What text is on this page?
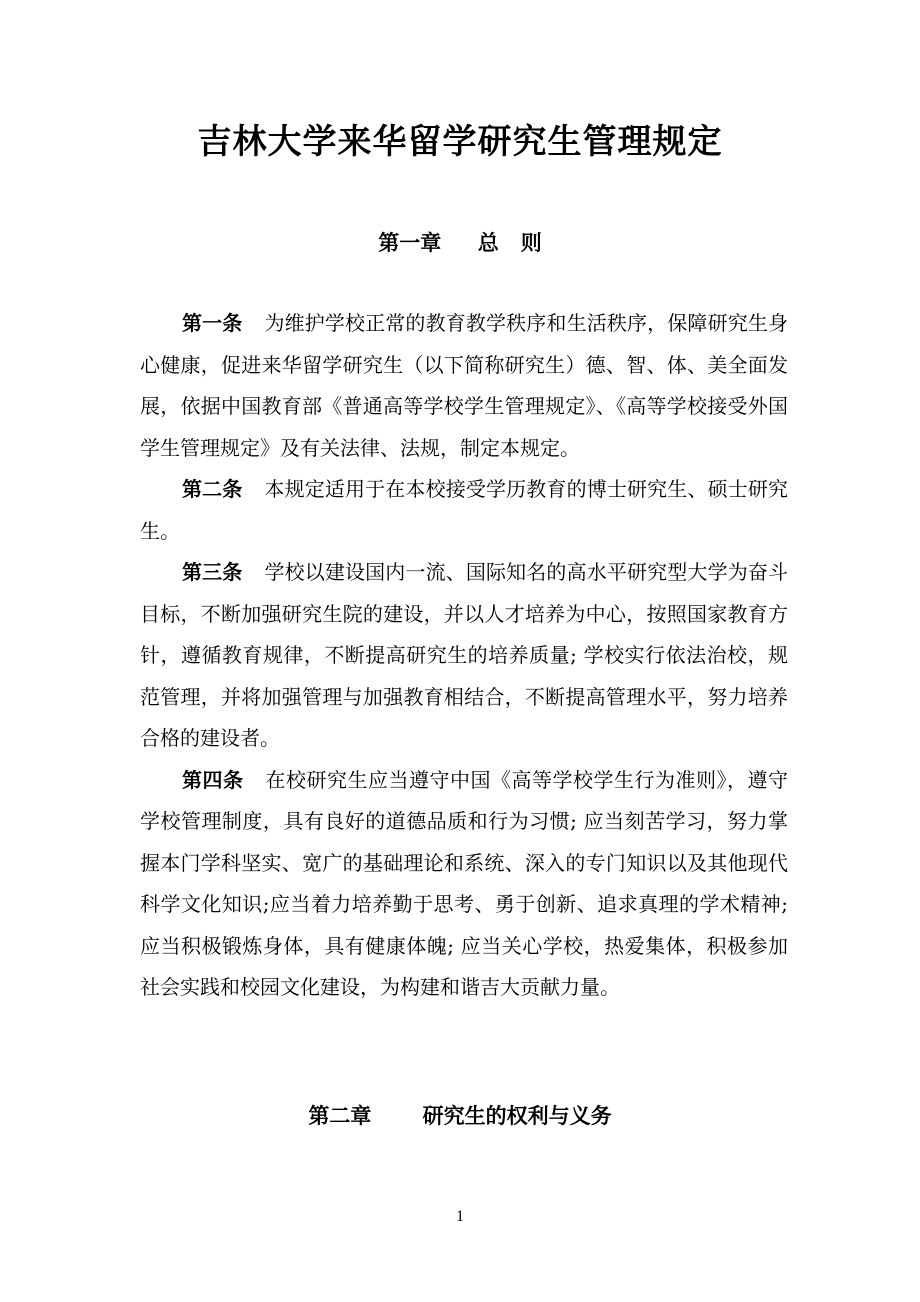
吉林大学来华留学研究生管理规定
第一章     总   则

第一条 为维护学校正常的教育教学秩序和生活秩序，保障研究生身心健康，促进来华留学研究生（以下简称研究生）德、智、体、美全面发展，依据中国教育部《普通高等学校学生管理规定》、《高等学校接受外国学生管理规定》及有关法律、法规，制定本规定。

第二条 本规定适用于在本校接受学历教育的博士研究生、硕士研究生。

第三条 学校以建设国内一流、国际知名的高水平研究型大学为奋斗目标，不断加强研究生院的建设，并以人才培养为中心，按照国家教育方针，遵循教育规律，不断提高研究生的培养质量; 学校实行依法治校，规范管理，并将加强管理与加强教育相结合，不断提高管理水平，努力培养合格的建设者。

第四条 在校研究生应当遵守中国《高等学校学生行为准则》，遵守学校管理制度，具有良好的道德品质和行为习惯; 应当刻苦学习，努力掌握本门学科坚实、宽广的基础理论和系统、深入的专门知识以及其他现代科学文化知识;应当着力培养勤于思考、勇于创新、追求真理的学术精神; 应当积极锻炼身体，具有健康体魄; 应当关心学校，热爱集体，积极参加社会实践和校园文化建设，为构建和谐吉大贡献力量。

第二章       研究生的权利与义务
1
